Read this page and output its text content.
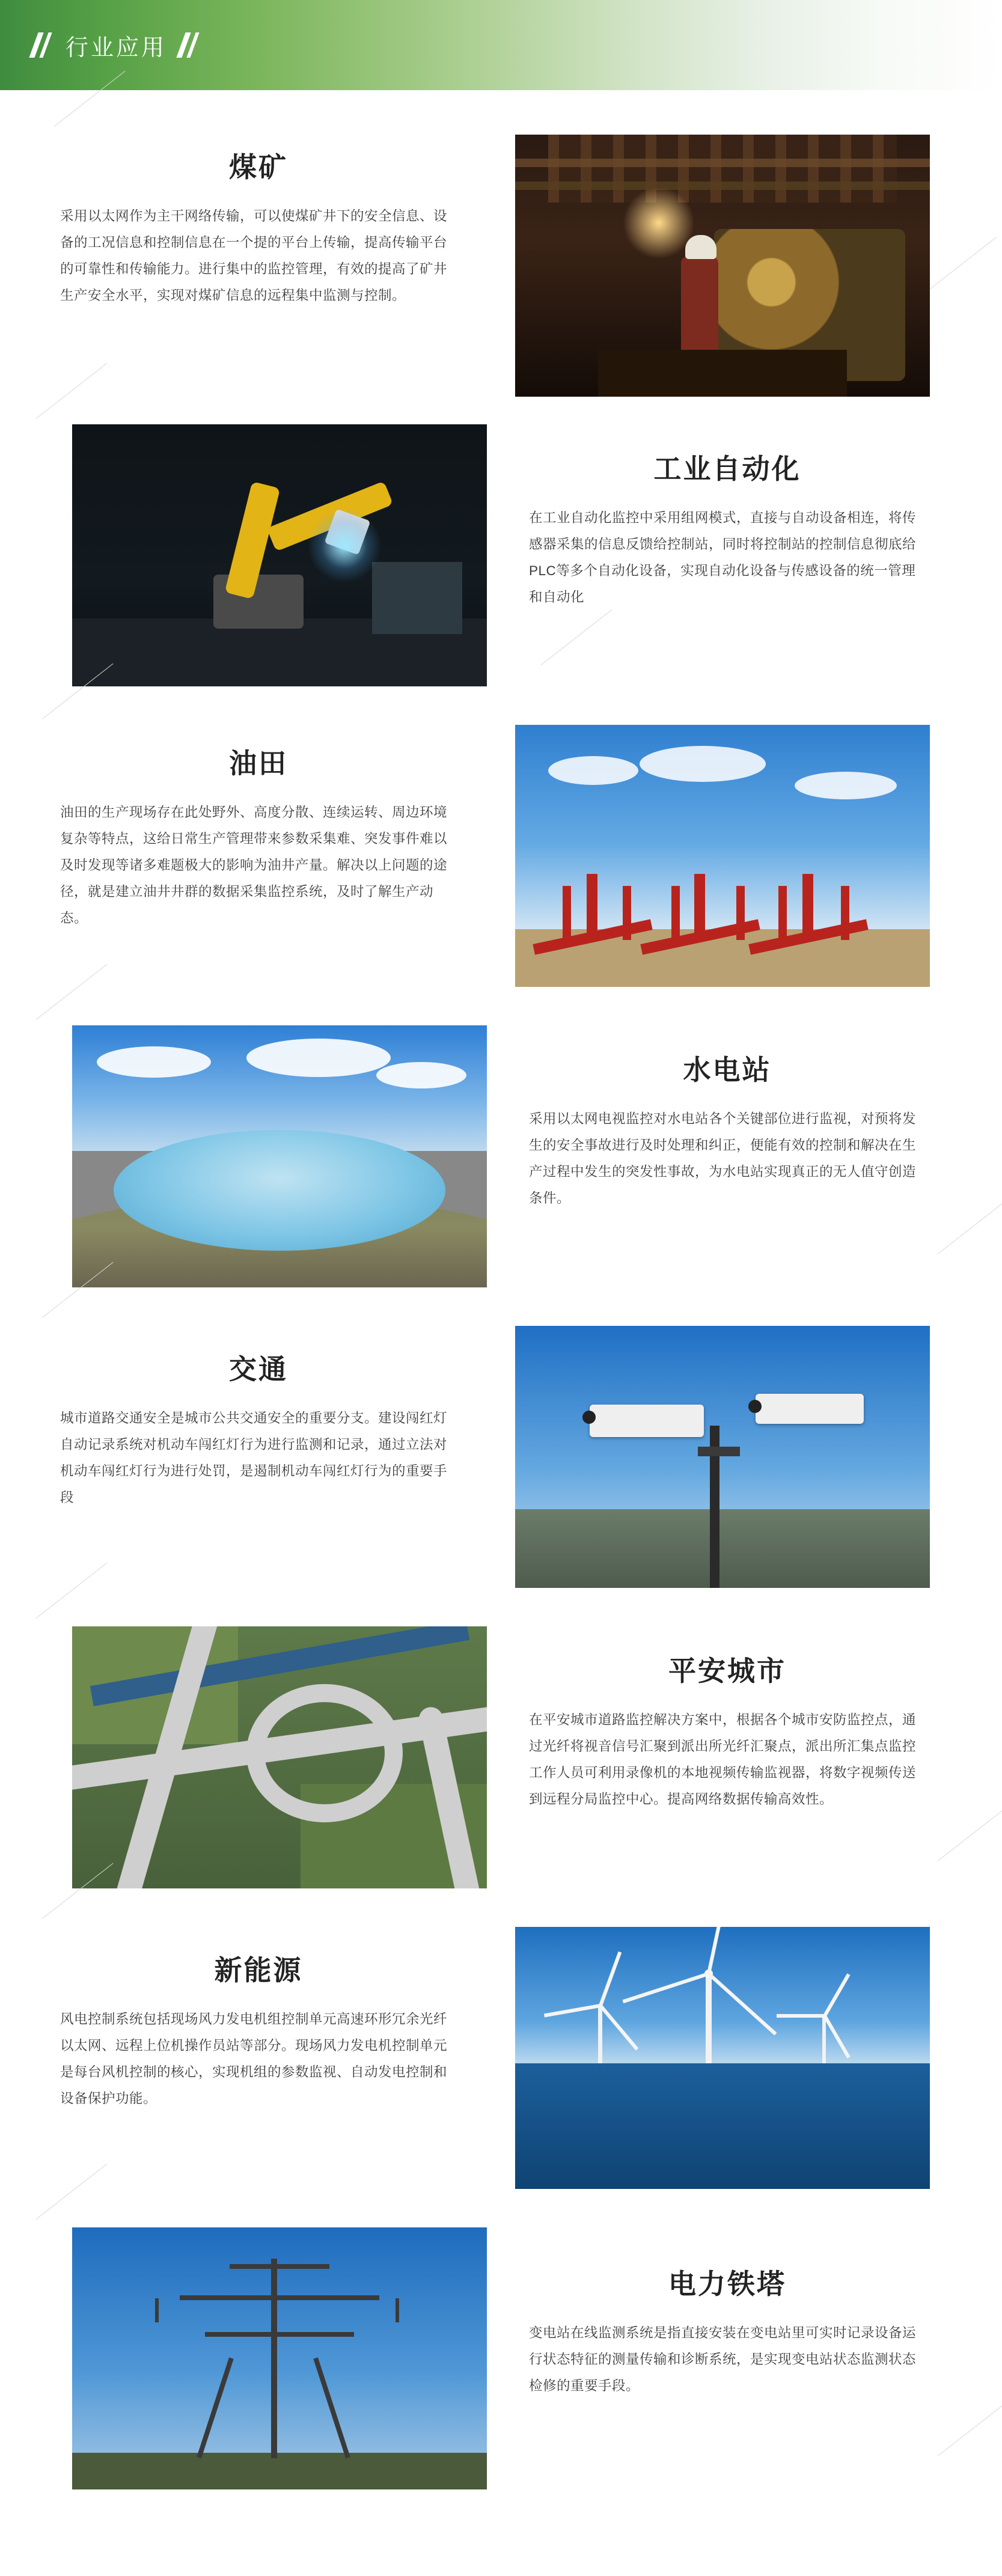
行业应用
煤矿
采用以太网作为主干网络传输，可以使煤矿井下的安全信息、设备的工况信息和控制信息在一个提的平台上传输，提高传输平台的可靠性和传输能力。进行集中的监控管理，有效的提高了矿井生产安全水平，实现对煤矿信息的远程集中监测与控制。
工业自动化
在工业自动化监控中采用组网模式，直接与自动设备相连，将传感器采集的信息反馈给控制站，同时将控制站的控制信息彻底给PLC等多个自动化设备，实现自动化设备与传感设备的统一管理和自动化
油田
油田的生产现场存在此处野外、高度分散、连续运转、周边环境复杂等特点，这给日常生产管理带来参数采集难、突发事件难以及时发现等诸多难题极大的影响为油井产量。解决以上问题的途径，就是建立油井井群的数据采集监控系统，及时了解生产动态。
水电站
采用以太网电视监控对水电站各个关键部位进行监视，对预将发生的安全事故进行及时处理和纠正，便能有效的控制和解决在生产过程中发生的突发性事故，为水电站实现真正的无人值守创造条件。
交通
城市道路交通安全是城市公共交通安全的重要分支。建设闯红灯自动记录系统对机动车闯红灯行为进行监测和记录，通过立法对机动车闯红灯行为进行处罚，是遏制机动车闯红灯行为的重要手段
平安城市
在平安城市道路监控解决方案中，根据各个城市安防监控点，通过光纤将视音信号汇聚到派出所光纤汇聚点，派出所汇集点监控工作人员可利用录像机的本地视频传输监视器，将数字视频传送到远程分局监控中心。提高网络数据传输高效性。
新能源
风电控制系统包括现场风力发电机组控制单元高速环形冗余光纤以太网、远程上位机操作员站等部分。现场风力发电机控制单元是每台风机控制的核心，实现机组的参数监视、自动发电控制和设备保护功能。
电力铁塔
变电站在线监测系统是指直接安装在变电站里可实时记录设备运行状态特征的测量传输和诊断系统，是实现变电站状态监测状态检修的重要手段。
